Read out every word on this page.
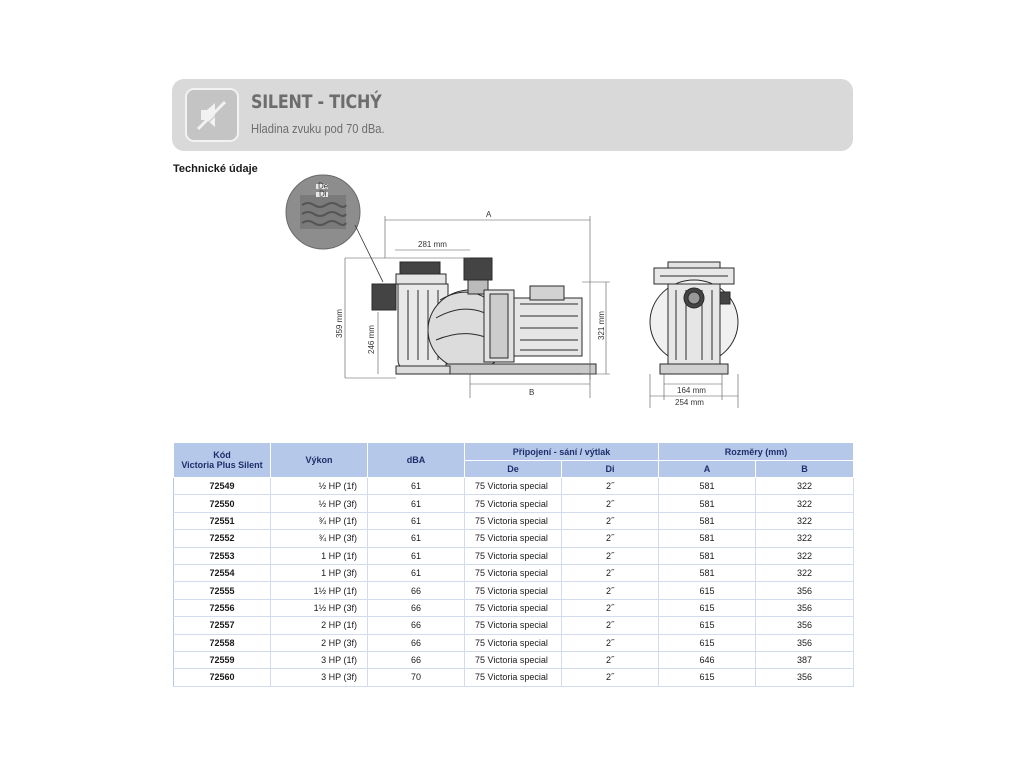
SILENT - TICHÝ
Hladina zvuku pod 70 dBa.
Technické údaje
De
Di
A
281 mm
359 mm
246 mm	321 mm
B	164 mm
254 mm
Kód
Victoria Plus Silent	Výkon	dBA	Připojení - sání / výtlak		Rozměry (mm)	
			De	Di	A	B
72549	½ HP (1f)	61	75 Victoria special	2˝	581	322
72550	½ HP (3f)	61	75 Victoria special	2˝	581	322
72551	¾ HP (1f)	61	75 Victoria special	2˝	581	322
72552	¾ HP (3f)	61	75 Victoria special	2˝	581	322
72553	1 HP (1f)	61	75 Victoria special	2˝	581	322
72554	1 HP (3f)	61	75 Victoria special	2˝	581	322
72555	1½ HP (1f)	66	75 Victoria special	2˝	615	356
72556	1½ HP (3f)	66	75 Victoria special	2˝	615	356
72557	2 HP (1f)	66	75 Victoria special	2˝	615	356
72558	2 HP (3f)	66	75 Victoria special	2˝	615	356
72559	3 HP (1f)	66	75 Victoria special	2˝	646	387
72560	3 HP (3f)	70	75 Victoria special	2˝	615	356
